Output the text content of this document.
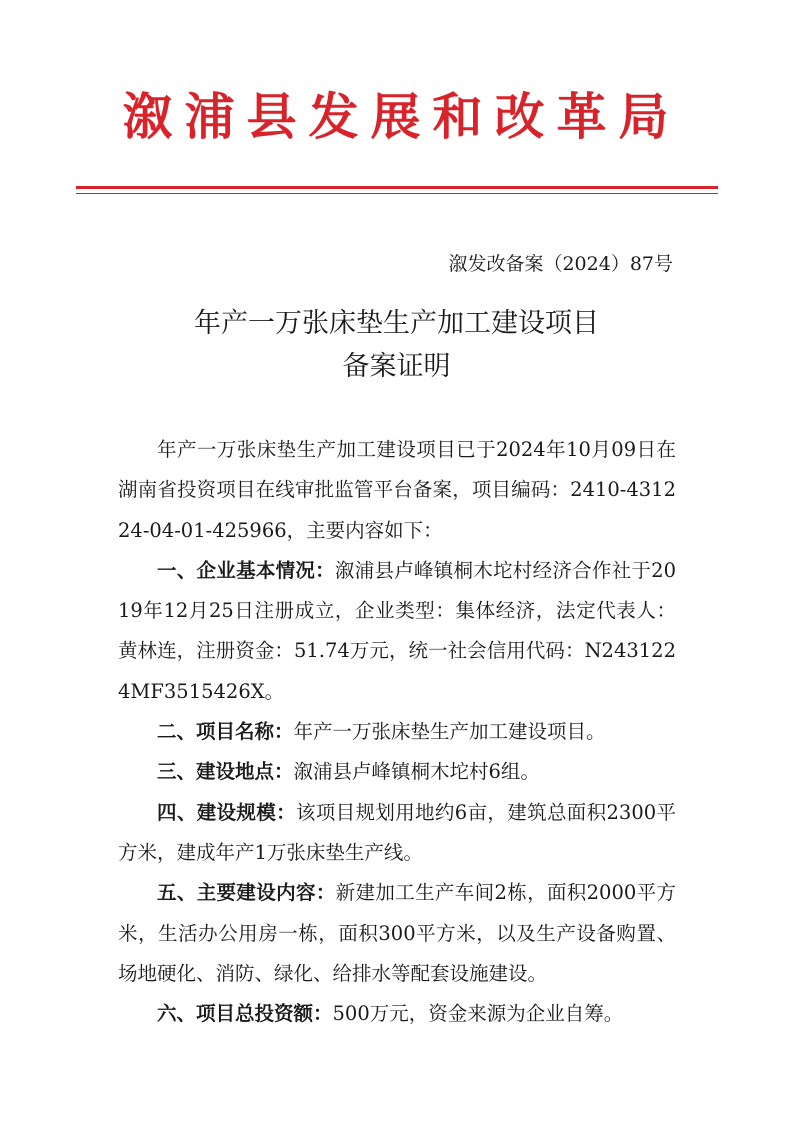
溆浦县发展和改革局
溆发改备案（2024）87号
年产一万张床垫生产加工建设项目
备案证明

年产一万张床垫生产加工建设项目已于2024年10月09日在湖南省投资项目在线审批监管平台备案，项目编码：2410-431224-04-01-425966，主要内容如下：

一、企业基本情况：溆浦县卢峰镇桐木坨村经济合作社于2019年12月25日注册成立，企业类型：集体经济，法定代表人：黄林连，注册资金：51.74万元，统一社会信用代码：N2431224MF3515426X。

二、项目名称：年产一万张床垫生产加工建设项目。

三、建设地点：溆浦县卢峰镇桐木坨村6组。

四、建设规模：该项目规划用地约6亩，建筑总面积2300平方米，建成年产1万张床垫生产线。

五、主要建设内容：新建加工生产车间2栋，面积2000平方米，生活办公用房一栋，面积300平方米，以及生产设备购置、场地硬化、消防、绿化、给排水等配套设施建设。

六、项目总投资额：500万元，资金来源为企业自筹。
